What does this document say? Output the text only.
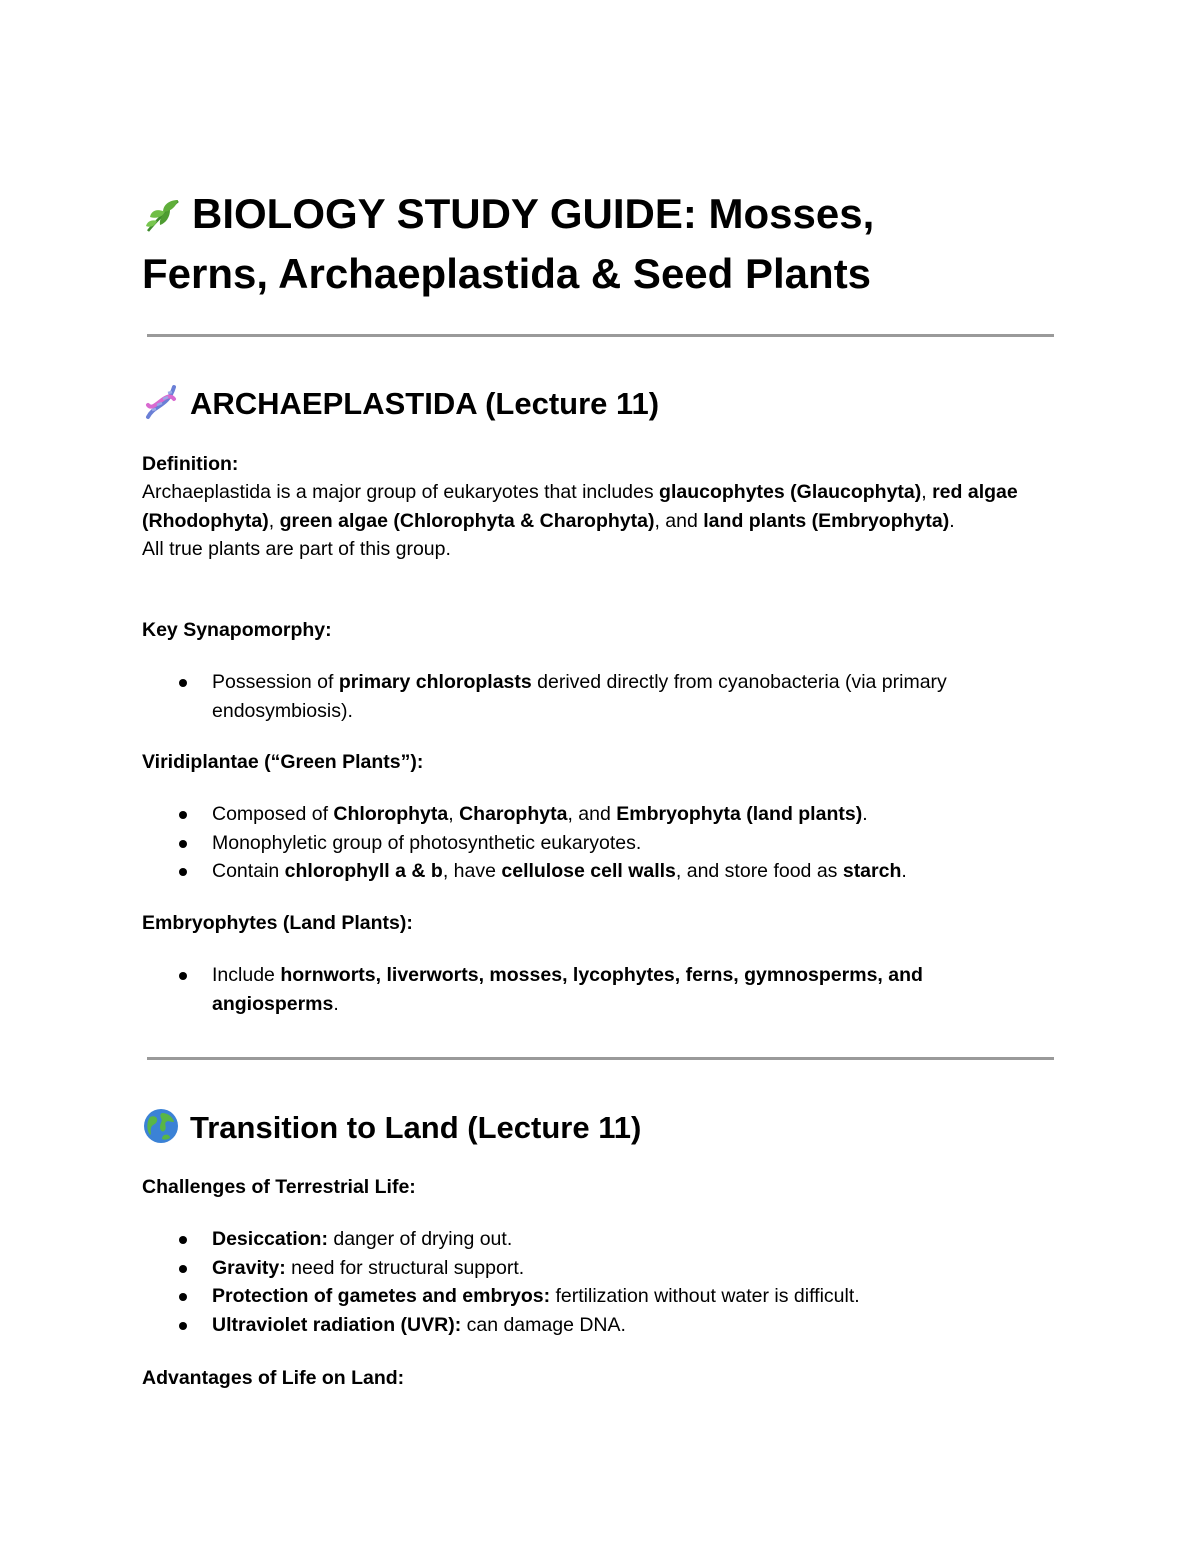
BIOLOGY STUDY GUIDE: Mosses,
Ferns, Archaeplastida & Seed Plants
ARCHAEPLASTIDA (Lecture 11)
Definition:
Archaeplastida is a major group of eukaryotes that includes glaucophytes (Glaucophyta), red algae (Rhodophyta), green algae (Chlorophyta & Charophyta), and land plants (Embryophyta).
All true plants are part of this group.
Key Synapomorphy:
Possession of primary chloroplasts derived directly from cyanobacteria (via primary endosymbiosis).
Viridiplantae (“Green Plants”):
Composed of Chlorophyta, Charophyta, and Embryophyta (land plants).
Monophyletic group of photosynthetic eukaryotes.
Contain chlorophyll a & b, have cellulose cell walls, and store food as starch.
Embryophytes (Land Plants):
Include hornworts, liverworts, mosses, lycophytes, ferns, gymnosperms, and angiosperms.
Transition to Land (Lecture 11)
Challenges of Terrestrial Life:
Desiccation: danger of drying out.
Gravity: need for structural support.
Protection of gametes and embryos: fertilization without water is difficult.
Ultraviolet radiation (UVR): can damage DNA.
Advantages of Life on Land:
